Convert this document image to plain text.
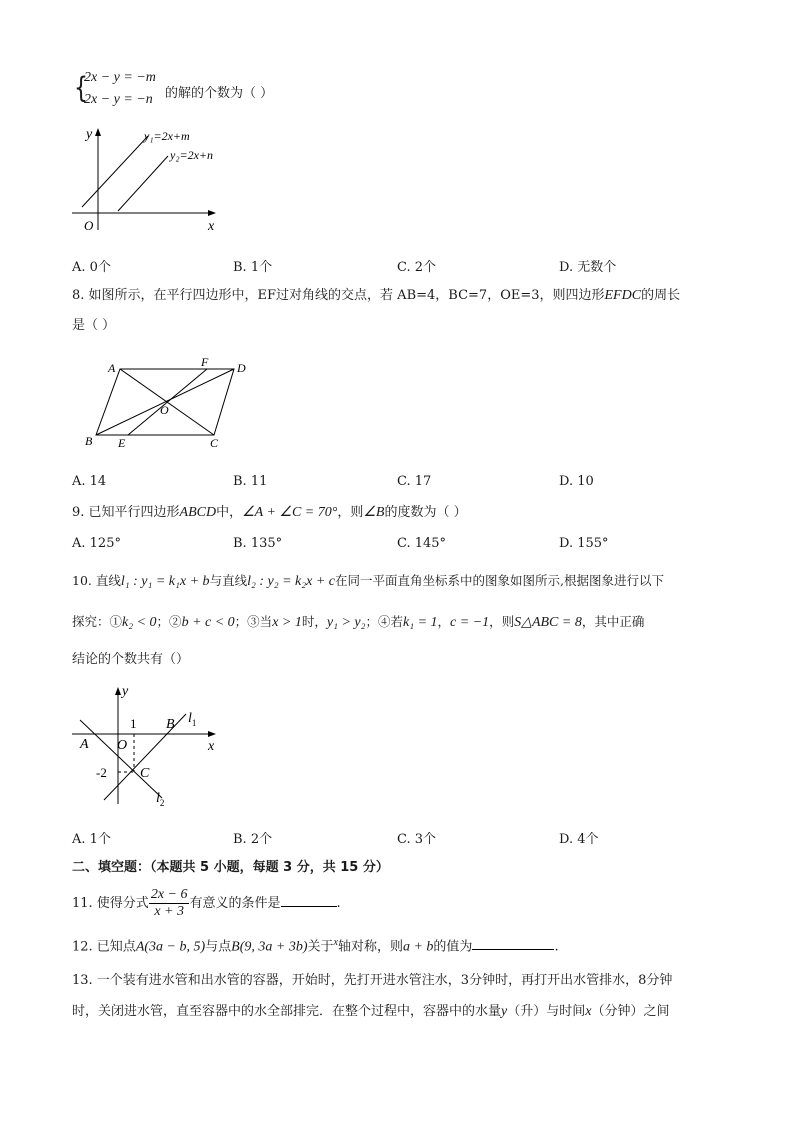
{
2x − y = −m
2x − y = −n 的解的个数为（ ）
y
x
O
y₁=2x+m
y₂=2x+n
A. 0个	B. 1个	C. 2个	D. 无数个
8. 如图所示，在平行四边形中，EF过对角线的交点，若 AB=4，BC=7，OE=3，则四边形EFDC的周长
是（ ）
A	F D
O
B E	C
A. 14	B. 11	C. 17	D. 10
9. 已知平行四边形ABCD中，∠A + ∠C = 70°，则∠B的度数为（ ）
A. 125°	B. 135°	C. 145°	D. 155°
10. 直线l₁ : y₁ = k₁x + b与直线l₂ : y₂ = k₂x + c在同一平面直角坐标系中的图象如图所示,根据图象进行以下
探究：①k₂ < 0；②b + c < 0；③当x > 1时，y₁ > y₂；④若k₁ = 1，c = −1，则S△ABC = 8，其中正确
结论的个数共有（）
y
x
1 B $l_1$
A O
-2 C
$l_2$
A. 1个	B. 2个	C. 3个	D. 4个
二、填空题：（本题共 5 小题，每题 3 分，共 15 分）
11. 使得分式 $\frac{2x - 6}{x + 3}$ 有意义的条件是	.
12. 已知点A(3a − b, 5)与点B(9, 3a + 3b)关于$^x$轴对称，则a + b的值为	.
13. 一个装有进水管和出水管的容器，开始时，先打开进水管注水，3分钟时，再打开出水管排水，8分钟
时，关闭进水管，直至容器中的水全部排完．在整个过程中，容器中的水量y（升）与时间x（分钟）之间
